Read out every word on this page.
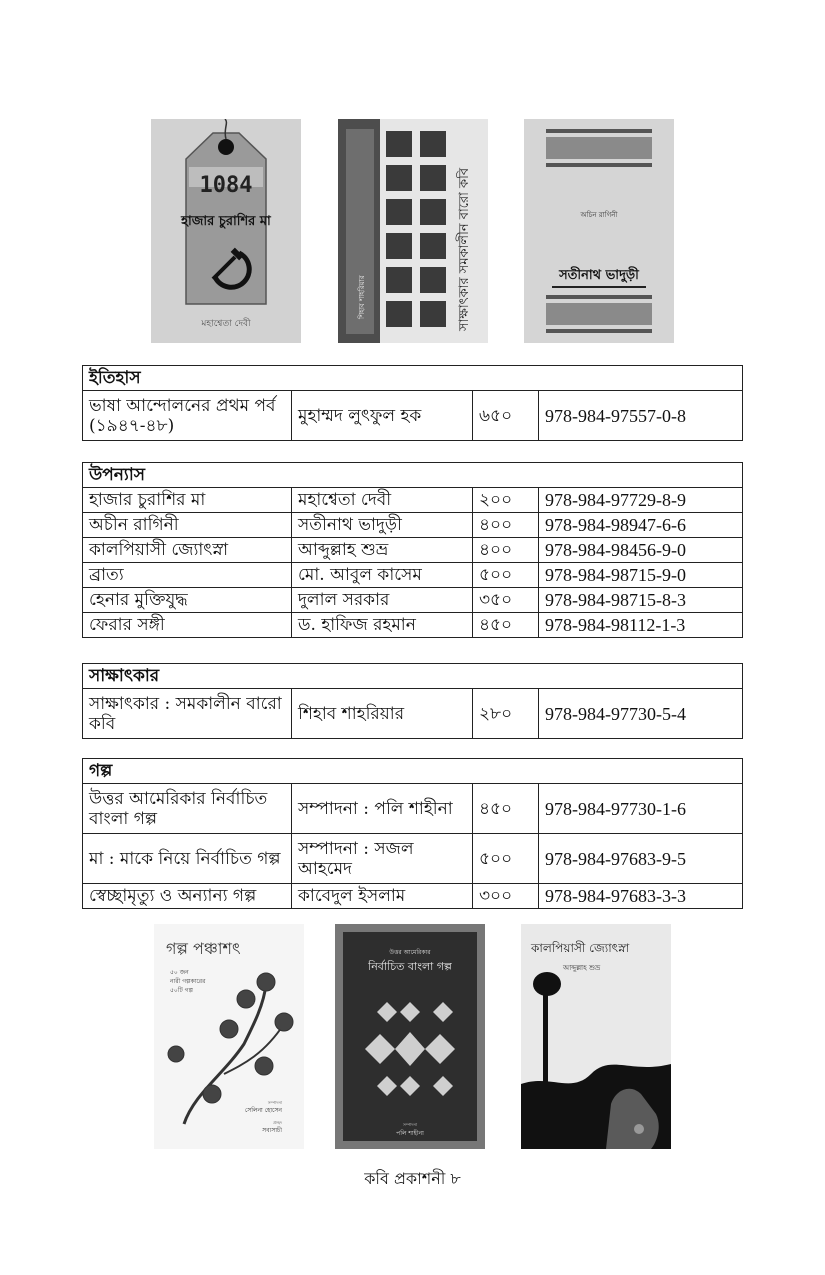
1084
হাজার চুরাশির মা
মহাশ্বেতা দেবী	সাক্ষাৎকার সমকালীন বারো কবি
শিহাব শাহরিয়ার
অচিন রাগিনী
সতীনাথ ভাদুড়ী
ইতিহাস
ভাষা আন্দোলনের প্রথম পর্ব (১৯৪৭-৪৮)	মুহাম্মদ লুৎফুল হক	৬৫০	978-984-97557-0-8
উপন্যাস			
হাজার চুরাশির মা	মহাশ্বেতা দেবী	২০০	978-984-97729-8-9
অচীন রাগিনী	সতীনাথ ভাদুড়ী	৪০০	978-984-98947-6-6
কালপিয়াসী জ্যোৎস্না	আব্দুল্লাহ শুভ্র	৪০০	978-984-98456-9-0
ব্রাত্য	মো. আবুল কাসেম	৫০০	978-984-98715-9-0
হেনার মুক্তিযুদ্ধ	দুলাল সরকার	৩৫০	978-984-98715-8-3
ফেরার সঙ্গী	ড. হাফিজ রহমান	৪৫০	978-984-98112-1-3
সাক্ষাৎকার
সাক্ষাৎকার : সমকালীন বারো কবি	শিহাব শাহরিয়ার	২৮০	978-984-97730-5-4
গল্প			
উত্তর আমেরিকার নির্বাচিত বাংলা গল্প	সম্পাদনা : পলি শাহীনা	৪৫০	978-984-97730-1-6
মা : মাকে নিয়ে নির্বাচিত গল্প	সম্পাদনা : সজল আহমেদ	৫০০	978-984-97683-9-5
স্বেচ্ছামৃত্যু ও অন্যান্য গল্প	কাবেদুল ইসলাম	৩০০	978-984-97683-3-3
গল্প পঞ্চাশৎ
৫০ জন
নারী গল্পকারের
৫০টি গল্প
সম্পাদনা
সেলিনা হোসেন
প্রচ্ছদ
সব্যসাচী
উত্তর আমেরিকার
নির্বাচিত বাংলা গল্প
সম্পাদনা
পলি শাহীনা
কালপিয়াসী জ্যোৎস্না
আব্দুল্লাহ শুভ্র
কবি প্রকাশনী ৮
